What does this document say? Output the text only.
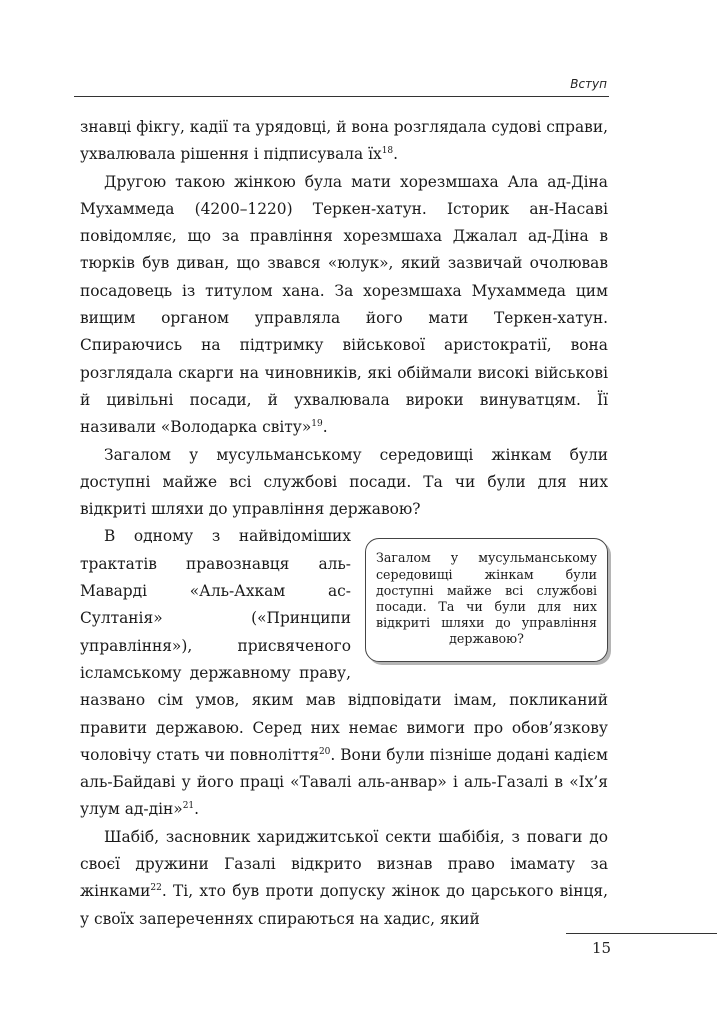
Вступ

знавці фікгу, кадії та урядовці, й вона розглядала судові справи, ухвалювала рішення і підписувала $їх^{18}$.

Другою такою жінкою була мати хорезмшаха Ала ад-Діна Мухаммеда (4200–1220) Теркен-хатун. Історик ан-Насаві повідомляє, що за правління хорезмшаха Джалал ад-Діна в тюрків був диван, що звався «юлук», який зазвичай очолював посадовець із титулом хана. За хорезмшаха Мухаммеда цим вищим органом управляла його мати Теркен-хатун. Спираючись на підтримку військової аристократії, вона розглядала скарги на чиновників, які обіймали високі військові й цивільні посади, й ухвалювала вироки винуватцям. Її називали «Володарка світу»$^{19}$.

Загалом у мусульманському середовищі жінкам були доступні майже всі службові посади. Та чи були для них відкриті шляхи до управління державою?

Загалом у мусульманському середовищі жінкам були доступні майже всі службові посади. Та чи були для них відкриті шляхи до управління державою?

В одному з найвідоміших трактатів правознавця аль-Маварді «Аль-Ахкам ас-Султанія» («Принципи управління»), присвяченого ісламському державному праву, названо сім умов, яким мав відповідати імам, покликаний правити державою. Серед них немає вимоги про обов’язкову чоловічу стать чи повноліття$^{20}$. Вони були пізніше додані кадієм аль-Байдаві у його праці «Тавалі аль-анвар» і аль-Газалі в «Іх’я улум ад-дін»$^{21}$.

Шабіб, засновник хариджитської секти шабібія, з поваги до своєї дружини Газалі відкрито визнав право імамату за жінками$^{22}$. Ті, хто був проти допуску жінок до царського вінця, у своїх запереченнях спираються на хадис, який

15
